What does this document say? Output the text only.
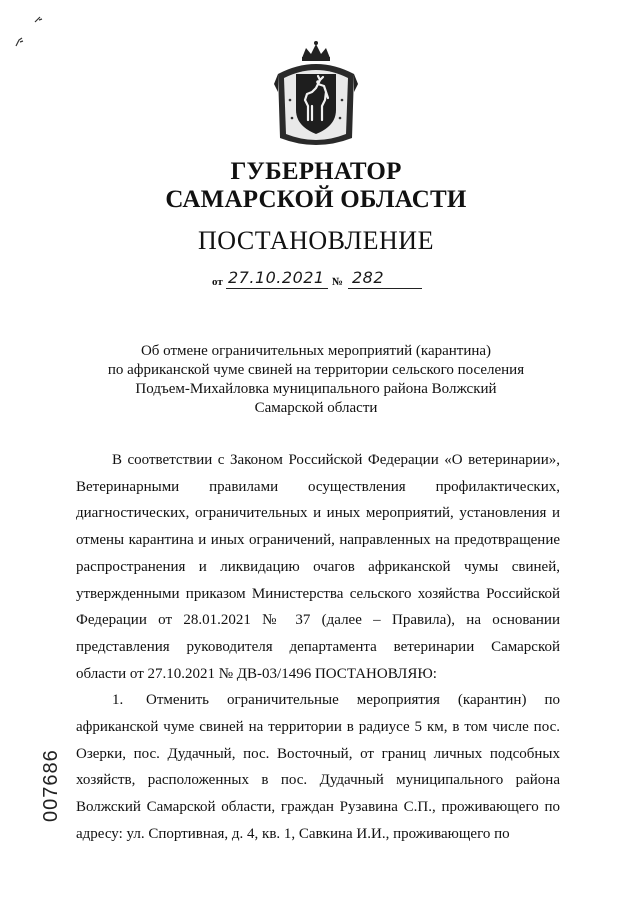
ГУБЕРНАТОР
САМАРСКОЙ ОБЛАСТИ
ПОСТАНОВЛЕНИЕ
от 27.10.2021 № 282
Об отмене ограничительных мероприятий (карантина)
по африканской чуме свиней на территории сельского поселения
Подъем-Михайловка муниципального района Волжский
Самарской области

В соответствии с Законом Российской Федерации «О ветеринарии», Ветеринарными правилами осуществления профилактических, диагностических, ограничительных и иных мероприятий, установления и отмены карантина и иных ограничений, направленных на предотвращение распространения и ликвидацию очагов африканской чумы свиней, утвержденными приказом Министерства сельского хозяйства Российской Федерации от 28.01.2021 № 37 (далее – Правила), на основании представления руководителя департамента ветеринарии Самарской области от 27.10.2021 № ДВ-03/1496 ПОСТАНОВЛЯЮ:

1. Отменить ограничительные мероприятия (карантин) по африканской чуме свиней на территории в радиусе 5 км, в том числе пос. Озерки, пос. Дудачный, пос. Восточный, от границ личных подсобных хозяйств, расположенных в пос. Дудачный муниципального района Волжский Самарской области, граждан Рузавина С.П., проживающего по адресу: ул. Спортивная, д. 4, кв. 1, Савкина И.И., проживающего по

007686
